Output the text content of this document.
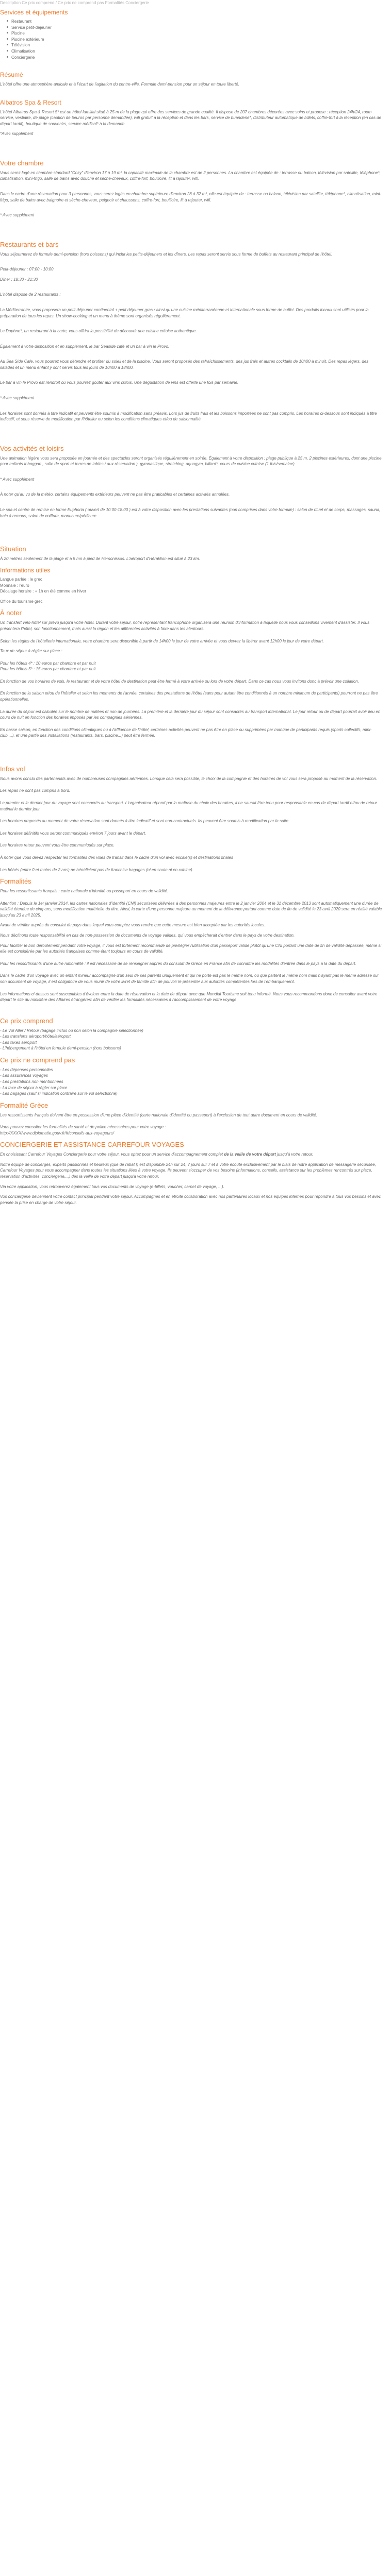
Description Ce prix comprend / Ce prix ne comprend pas Formalités Conciergerie
Services et équipements
Restaurant
Service petit-déjeuner
Piscine
Piscine extérieure
Télévision
Climatisation
Conciergerie
Résumé

L'hôtel offre une atmosphère amicale et à l'écart de l'agitation du centre-ville. Formule demi-pension pour un séjour en toute liberté.

Albatros Spa & Resort

L'hôtel Albatros Spa & Resort 5* est un hôtel familial situé à 25 m de la plage qui offre des services de grande qualité. Il dispose de 207 chambres décorées avec soins et propose : réception 24h/24, room service, vestiaire, de plage (caution de 5euros par personne demandée), wifi gratuit à la réception et dans les bars, service de buanderie*, distributeur automatique de billets, coffre-fort à la réception (en cas de départ tardif), boutique de souvenirs, service médical* à la demande.

*Avec supplément

Votre chambre

Vous serez logé en chambre standard "Cozy" d'environ 17 à 19 m², la capacité maximale de la chambre est de 2 personnes. La chambre est équipée de : terrasse ou balcon, télévision par satellite, téléphone*, climatisation, mini-frigo, salle de bains avec douche et sèche-cheveux, coffre-fort, bouilloire, lit à rajouter, wifi.

Dans le cadre d'une réservation pour 3 personnes, vous serez logés en chambre supérieure d'environ 28 à 32 m², elle est équipée de : terrasse ou balcon, télévision par satellite, téléphone*, climatisation, mini-frigo, salle de bains avec baignoire et sèche-cheveux, peignoir et chaussons, coffre-fort, bouilloire, lit à rajouter, wifi.

* Avec supplément

Restaurants et bars

Vous séjournerez de formule demi-pension (hors boissons) qui inclut les petits-déjeuners et les dîners. Les repas seront servis sous forme de buffets au restaurant principal de l'hôtel.

Petit-déjeuner : 07:00 - 10:00

Dîner : 18:30 - 21:30

L'hôtel dispose de 2 restaurants :

La Méditerranée, vous proposera un petit déjeuner continental + petit déjeuner gras / ainsi qu'une cuisine méditerranéenne et internationale sous forme de buffet. Des produits locaux sont utilisés pour la préparation de tous les repas. Un show-cooking et un menu à thème sont organisés régulièrement.

Le Daphne*, un restaurant à la carte, vous offrira la possibilité de découvrir une cuisine critoise authentique.

Également à votre disposition et en supplément, le bar Seaside café et un bar à vin le Provo.

Au Sea Side Cafe, vous pourrez vous détendre et profiter du soleil et de la piscine. Vous seront proposés des rafraîchissements, des jus frais et autres cocktails de 10h00 à minuit. Des repas légers, des salades et un menu enfant y sont servis tous les jours de 10h00 à 18h00.

Le bar à vin le Provo est l'endroit où vous pourrez goûter aux vins critois. Une dégustation de vins est offerte une fois par semaine.

* Avec supplément

Les horaires sont donnés à titre indicatif et peuvent être soumis à modification sans préavis. Lors jus de fruits frais et les boissons importées ne sont pas compris. Les horaires ci-dessous sont indiqués à titre indicatif, et sous réserve de modification par l'hôtelier ou selon les conditions climatiques et/ou de saisonnalité.

Vos activités et loisirs

Une animation légère vous sera proposée en journée et des spectacles seront organisés régulièrement en soirée. Également à votre disposition : plage publique à 25 m, 2 piscines extérieures, dont une piscine pour enfants toboggan , salle de sport et terres de tables / aux réservation ), gymnastique, stretching, aquagym, billard*, cours de cuisine critoise (1 fois/semaine)

* Avec supplément

À noter qu'au vu de la météo, certains équipements extérieurs peuvent ne pas être praticables et certaines activités annulées.

Le spa et centre de remise en forme Euphoria ( ouvert de 10:00-18:00 ) est à votre disposition avec les prestations suivantes (non comprises dans votre formule) : salon de rituel et de corps, massages, sauna, bain à remous, salon de coiffure, manucure/pédicure.

Situation

À 20 mètres seulement de la plage et à 5 mn à pied de Hersonissos. L'aéroport d'Héraklion est situé à 23 km.

Informations utiles

Langue parlée : le grec

Monnaie : l'euro

Décalage horaire : + 1h en été comme en hiver

Office du tourisme grec

À noter

Un transfert vélo-hôtel sur prévu jusqu'à votre hôtel. Durant votre séjour, notre représentant francophone organisera une réunion d'information à laquelle nous vous conseillons vivement d'assister. Il vous présentera l'hôtel, son fonctionnement, mais aussi la région et les différentes activités à faire dans les alentours.

Selon les règles de l'hôtellerie internationale, votre chambre sera disponible à partir de 14h00 le jour de votre arrivée et vous devrez la libérer avant 12h00 le jour de votre départ.

Taux de séjour à régler sur place :

Pour les hôtels 4* : 10 euros par chambre et par nuit

Pour les hôtels 5* : 15 euros par chambre et par nuit

En fonction de vos horaires de vols, le restaurant et de votre hôtel de destination peut être fermé à votre arrivée ou lors de votre départ. Dans ce cas nous vous invitons donc à prévoir une collation.

En fonction de la saison et/ou de l'hôtelier et selon les moments de l'année, certaines des prestations de l'hôtel (sans pour autant être conditionnés à un nombre minimum de participants) pourront ne pas être opérationnelles.

La durée du séjour est calculée sur le nombre de nuitées et non de journées. La première et la dernière jour du séjour sont consacrés au transport international. Le jour retour ou de départ pourrait avoir lieu en cours de nuit en fonction des horaires imposés par les compagnies aériennes.

En basse saison, en fonction des conditions climatiques ou à l'affluence de l'hôtel, certaines activités peuvent ne pas être en place ou supprimées par manque de participants requis (sports collectifs, mini-club,...), et une partie des installations (restaurants, bars, piscine...) peut être fermée.

Infos vol

Nous avons conclu des partenariats avec de nombreuses compagnies aériennes. Lorsque cela sera possible, le choix de la compagnie et des horaires de vol vous sera proposé au moment de la réservation.

Les repas ne sont pas compris à bord.

Le premier et le dernier jour du voyage sont consacrés au transport. L'organisateur répond par la maîtrise du choix des horaires, il ne saurait être tenu pour responsable en cas de départ tardif et/ou de retour matinal le dernier jour.

Les horaires proposés au moment de votre réservation sont donnés à titre indicatif et sont non-contractuels. Ils peuvent être soumis à modification par la suite.

Les horaires définitifs vous seront communiqués environ 7 jours avant le départ.

Les horaires retour peuvent vous être communiqués sur place.

À noter que vous devez respecter les formalités des villes de transit dans le cadre d'un vol avec escale(s) et destinations finales

Les bébés (entre 0 et moins de 2 ans) ne bénéficient pas de franchise bagages (ni en soute ni en cabine).

Formalités

Pour les ressortissants français : carte nationale d'identité ou passeport en cours de validité.

Attention : Depuis le 1er janvier 2014, les cartes nationales d'identité (CNI) sécurisées délivrées à des personnes majeures entre le 2 janvier 2004 et le 31 décembre 2013 sont automatiquement une durée de validité étendue de cinq ans, sans modification matérielle du titre. Ainsi, la carte d'une personne majeure au moment de la délivrance portant comme date de fin de validité le 23 avril 2020 sera en réalité valable jusqu'au 23 avril 2025.

Avant de vérifier auprès du consulat du pays dans lequel vous comptez vous rendre que cette mesure est bien acceptée par les autorités locales.

Nous déclinons toute responsabilité en cas de non-possession de documents de voyage valides, qui vous empêcherait d'entrer dans le pays de votre destination.

Pour faciliter le bon déroulement pendant votre voyage, il vous est fortement recommandé de privilégier l'utilisation d'un passeport valide plutôt qu'une CNI portant une date de fin de validité dépassée, même si elle est considérée par les autorités françaises comme étant toujours en cours de validité.

Pour les ressortissants d'une autre nationalité : il est nécessaire de se renseigner auprès du consulat de Grèce en France afin de connaître les modalités d'entrée dans le pays à la date du départ.

Dans le cadre d'un voyage avec un enfant mineur accompagné d'un seul de ses parents uniquement et qui ne porte est pas le même nom, ou que partent le même nom mais n'ayant pas le même adresse sur son document de voyage, il est obligatoire de vous munir de votre livret de famille afin de pouvoir le présenter aux autorités compétentes lors de l'embarquement.

Les informations ci-dessus sont susceptibles d'évoluer entre la date de réservation et la date de départ avec que Mondial Tourisme soit tenu informé. Nous vous recommandons donc de consulter avant votre départ le site du ministère des Affaires étrangères: afin de vérifier les formalités nécessaires à l'accomplissement de votre voyage

Ce prix comprend

- Le Vol Aller / Retour (bagage inclus ou non selon la compagnie sélectionnée)

- Les transferts aéroport/hôtel/aéroport

- Les taxes aéroport

- L'hébergement à l'hôtel en formule demi-pension (hors boissons)

Ce prix ne comprend pas

- Les dépenses personnelles

- Les assurances voyages

- Les prestations non mentionnées

- La taxe de séjour à régler sur place

- Les bagages (sauf si indication contraire sur le vol sélectionné)

Formalité Grèce

Les ressortissants français doivent être en possession d'une pièce d'identité (carte nationale d'identité ou passeport) à l'exclusion de tout autre document en cours de validité.

Vous pouvez consulter les formalités de santé et de police nécessaires pour votre voyage :

http://XXXX/www.diplomatie.gouv.fr/fr/conseils-aux-voyageurs/

CONCIERGERIE ET ASSISTANCE CARREFOUR VOYAGES

En choisissant Carrefour Voyages Conciergerie pour votre séjour, vous optez pour un service d'accompagnement complet de la veille de votre départ jusqu'à votre retour.

Notre équipe de concierges, experts passionnés et heureux (que de rabat !) est disponible 24h sur 24, 7 jours sur 7 et à votre écoute exclusivement par le biais de notre application de messagerie sécurisée, Carrefour Voyages pour vous accompagner dans toutes les situations liées à votre voyage. Ils peuvent s'occuper de vos besoins (informations, conseils, assistance sur les problèmes rencontrés sur place, réservation d'activités, conciergerie,...) dès la veille de votre départ jusqu'à votre retour.

Via votre application, vous retrouverez également tous vos documents de voyage (e-billets, voucher, carnet de voyage, ...).

Vos conciergerie deviennent votre contact principal pendant votre séjour. Accompagnés et en étroite collaboration avec nos partenaires locaux et nos équipes internes pour répondre à tous vos besoins et avec pensée la prise en charge de votre séjour.
